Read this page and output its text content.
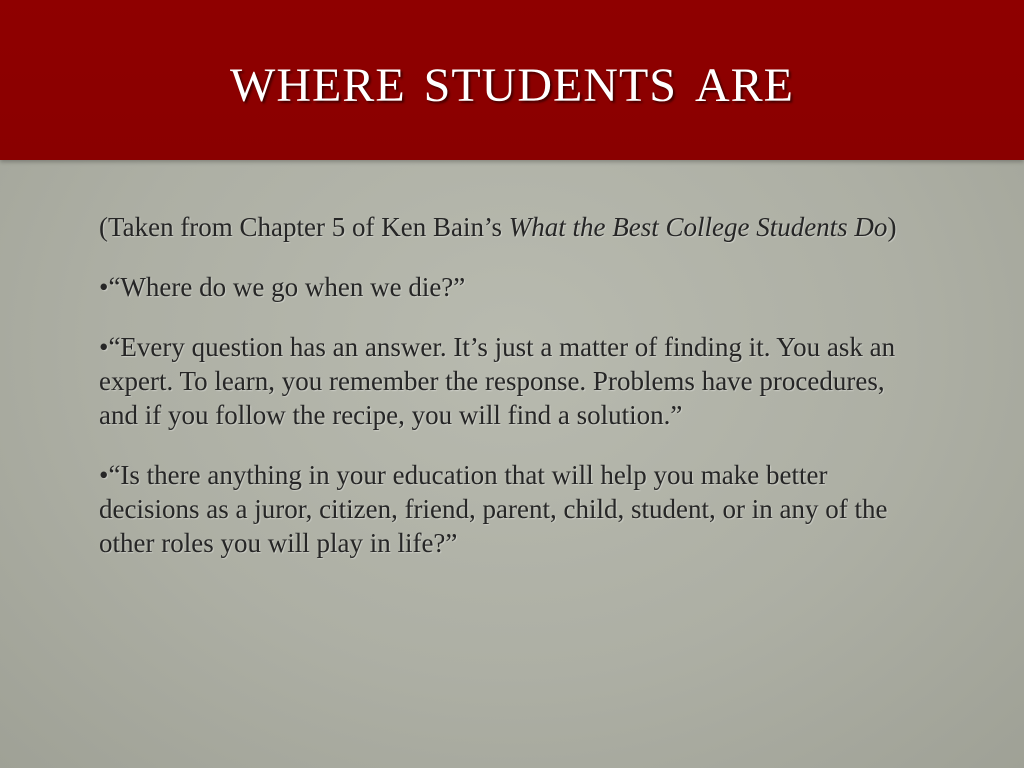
where students are

(Taken from Chapter 5 of Ken Bain’s What the Best College Students Do)

•“Where do we go when we die?”

•“Every question has an answer. It’s just a matter of finding it. You ask an expert. To learn, you remember the response. Problems have procedures, and if you follow the recipe, you will find a solution.”

•“Is there anything in your education that will help you make better decisions as a juror, citizen, friend, parent, child, student, or in any of the other roles you will play in life?”
